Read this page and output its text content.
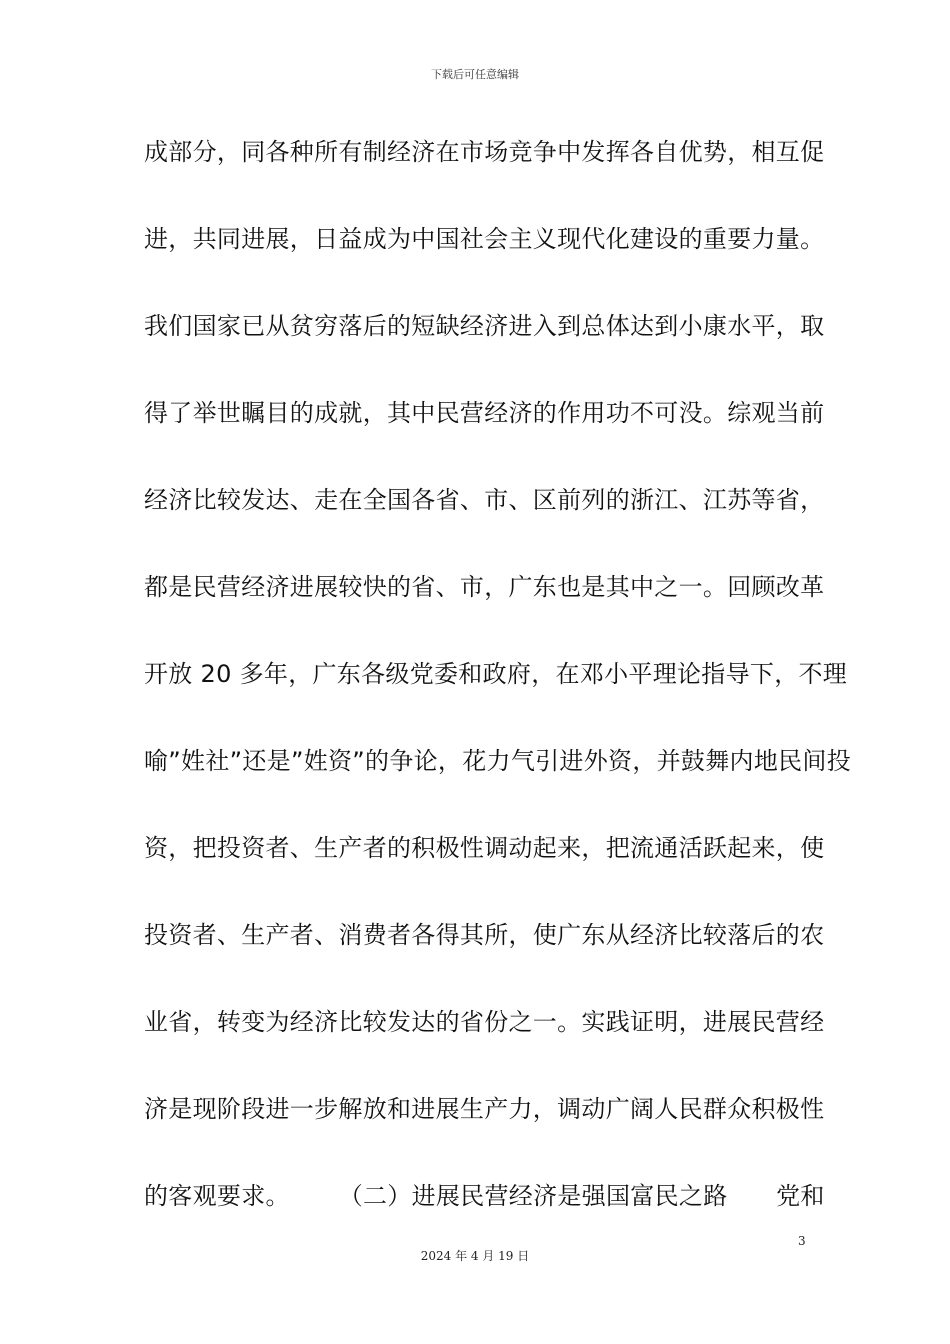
下载后可任意编辑
成部分，同各种所有制经济在市场竞争中发挥各自优势，相互促
进，共同进展，日益成为中国社会主义现代化建设的重要力量。
我们国家已从贫穷落后的短缺经济进入到总体达到小康水平，取
得了举世瞩目的成就，其中民营经济的作用功不可没。综观当前
经济比较发达、走在全国各省、市、区前列的浙江、江苏等省，
都是民营经济进展较快的省、市，广东也是其中之一。回顾改革
开放 20 多年，广东各级党委和政府，在邓小平理论指导下，不理
喻”姓社”还是”姓资”的争论，花力气引进外资，并鼓舞内地民间投
资，把投资者、生产者的积极性调动起来，把流通活跃起来，使
投资者、生产者、消费者各得其所，使广东从经济比较落后的农
业省，转变为经济比较发达的省份之一。实践证明，进展民营经
济是现阶段进一步解放和进展生产力，调动广阔人民群众积极性
的客观要求。　　　（二）进展民营经济是强国富民之路　　党和
3
2024 年 4 月 19 日
